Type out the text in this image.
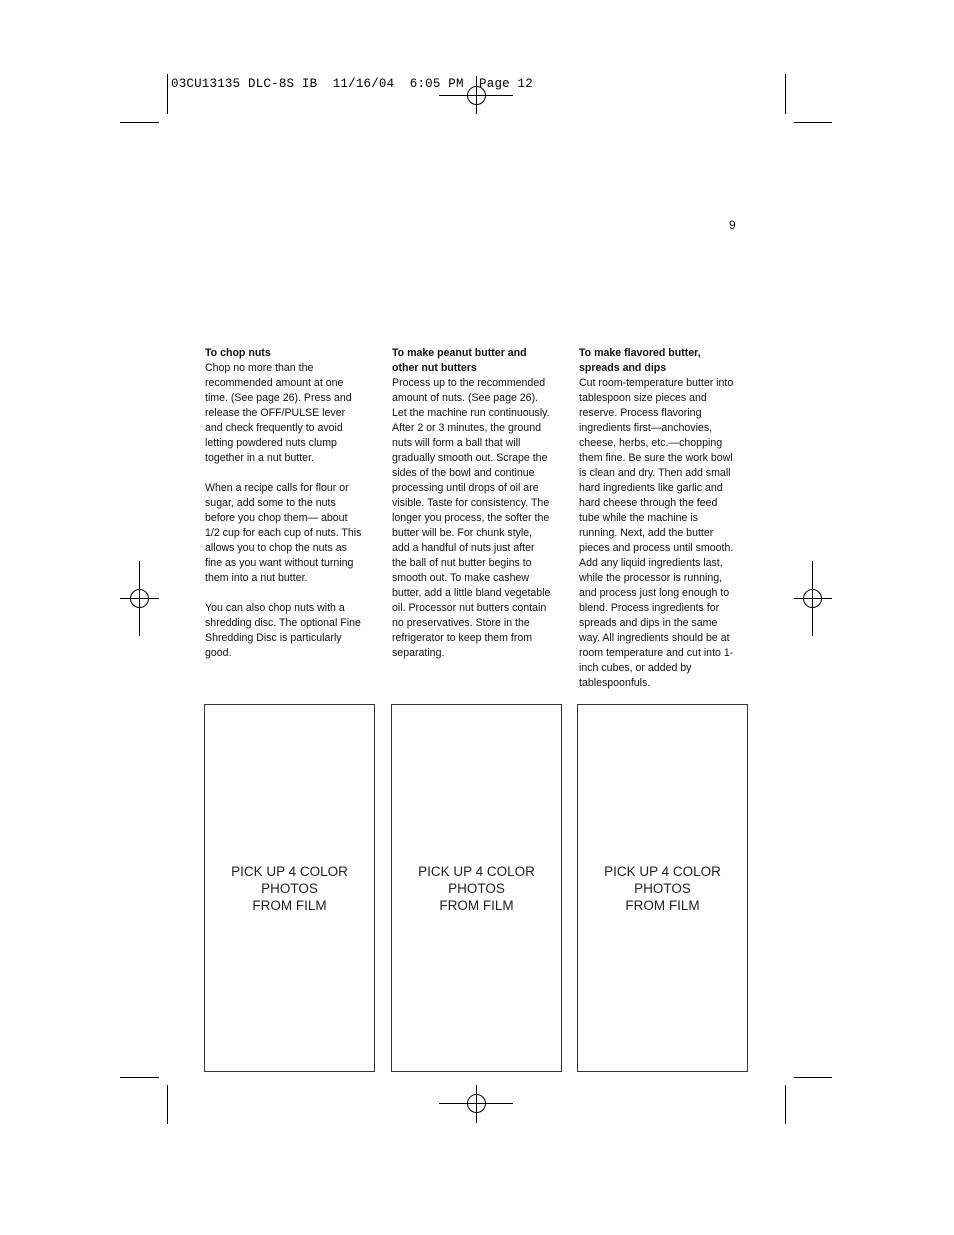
03CU13135 DLC-8S IB  11/16/04  6:05 PM  Page 12
9
To chop nuts

Chop no more than the recommended amount at one time. (See page 26). Press and release the OFF/PULSE lever and check frequently to avoid letting powdered nuts clump together in a nut butter.

When a recipe calls for flour or sugar, add some to the nuts before you chop them— about 1/2 cup for each cup of nuts. This allows you to chop the nuts as fine as you want without turning them into a nut butter.

You can also chop nuts with a shredding disc. The optional Fine Shredding Disc is particularly good.

To make peanut butter and
other nut butters

Process up to the recommended amount of nuts. (See page 26). Let the machine run continuously. After 2 or 3 minutes, the ground nuts will form a ball that will gradually smooth out. Scrape the sides of the bowl and continue processing until drops of oil are visible. Taste for consistency. The longer you process, the softer the butter will be. For chunk style, add a handful of nuts just after the ball of nut butter begins to smooth out. To make cashew butter, add a little bland vegetable oil. Processor nut butters contain no preservatives. Store in the refrigerator to keep them from separating.

To make flavored butter,
spreads and dips

Cut room-temperature butter into tablespoon size pieces and reserve. Process flavoring ingredients first—anchovies, cheese, herbs, etc.—chopping them fine. Be sure the work bowl is clean and dry. Then add small hard ingredients like garlic and hard cheese through the feed tube while the machine is running. Next, add the butter pieces and process until smooth. Add any liquid ingredients last, while the processor is running, and process just long enough to blend. Process ingredients for spreads and dips in the same way. All ingredients should be at room temperature and cut into 1-inch cubes, or added by tablespoonfuls.

PICK UP 4 COLOR PHOTOS
FROM FILM
PICK UP 4 COLOR PHOTOS
FROM FILM
PICK UP 4 COLOR PHOTOS
FROM FILM
